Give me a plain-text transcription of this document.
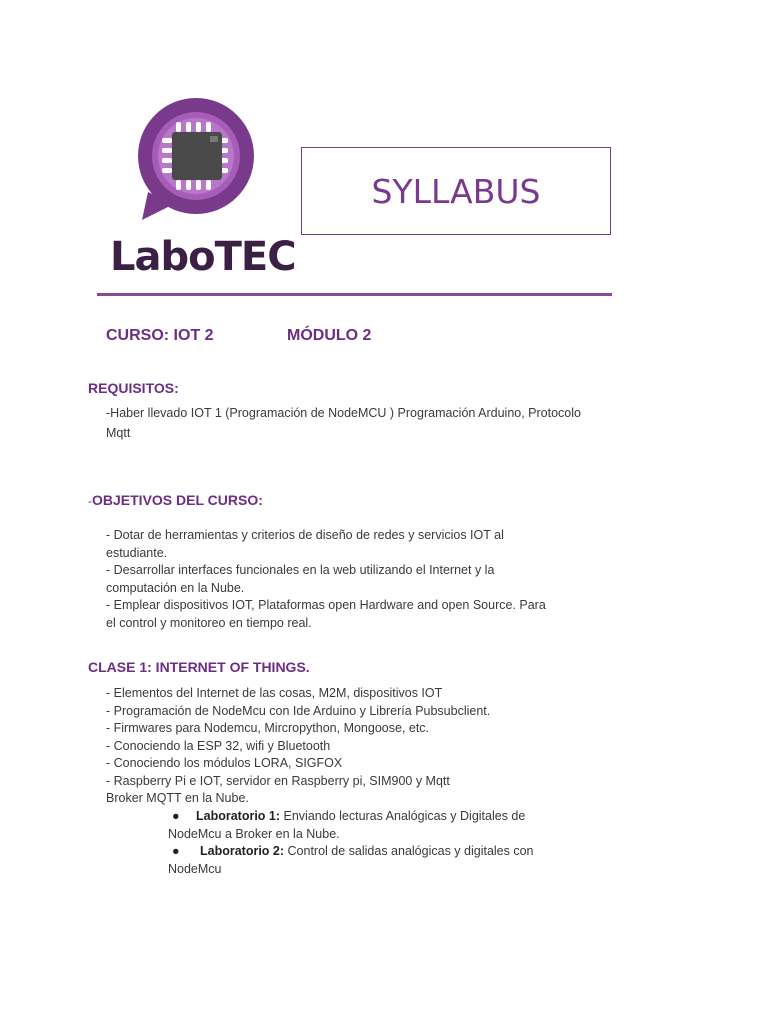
LaboTEC
SYLLABUS
CURSO: IOT 2	MÓDULO 2
REQUISITOS:
-Haber llevado IOT 1 (Programación de NodeMCU ) Programación Arduino, Protocolo
Mqtt
-OBJETIVOS DEL CURSO:
- Dotar de herramientas y criterios de diseño de redes y servicios IOT al
estudiante.
- Desarrollar interfaces funcionales en la web utilizando el Internet y la
computación en la Nube.
- Emplear dispositivos IOT, Plataformas open Hardware and open Source. Para
el control y monitoreo en tiempo real.
CLASE 1: INTERNET OF THINGS.
- Elementos del Internet de las cosas, M2M, dispositivos IOT
- Programación de NodeMcu con Ide Arduino y Librería Pubsubclient.
- Firmwares para Nodemcu, Mircropython, Mongoose, etc.
- Conociendo la ESP 32, wifi y Bluetooth
- Conociendo los módulos LORA, SIGFOX
- Raspberry Pi e IOT, servidor en Raspberry pi, SIM900 y Mqtt
Broker MQTT en la Nube.
● Laboratorio 1: Enviando lecturas Analógicas y Digitales de
NodeMcu a Broker en la Nube.
● Laboratorio 2: Control de salidas analógicas y digitales con
NodeMcu
